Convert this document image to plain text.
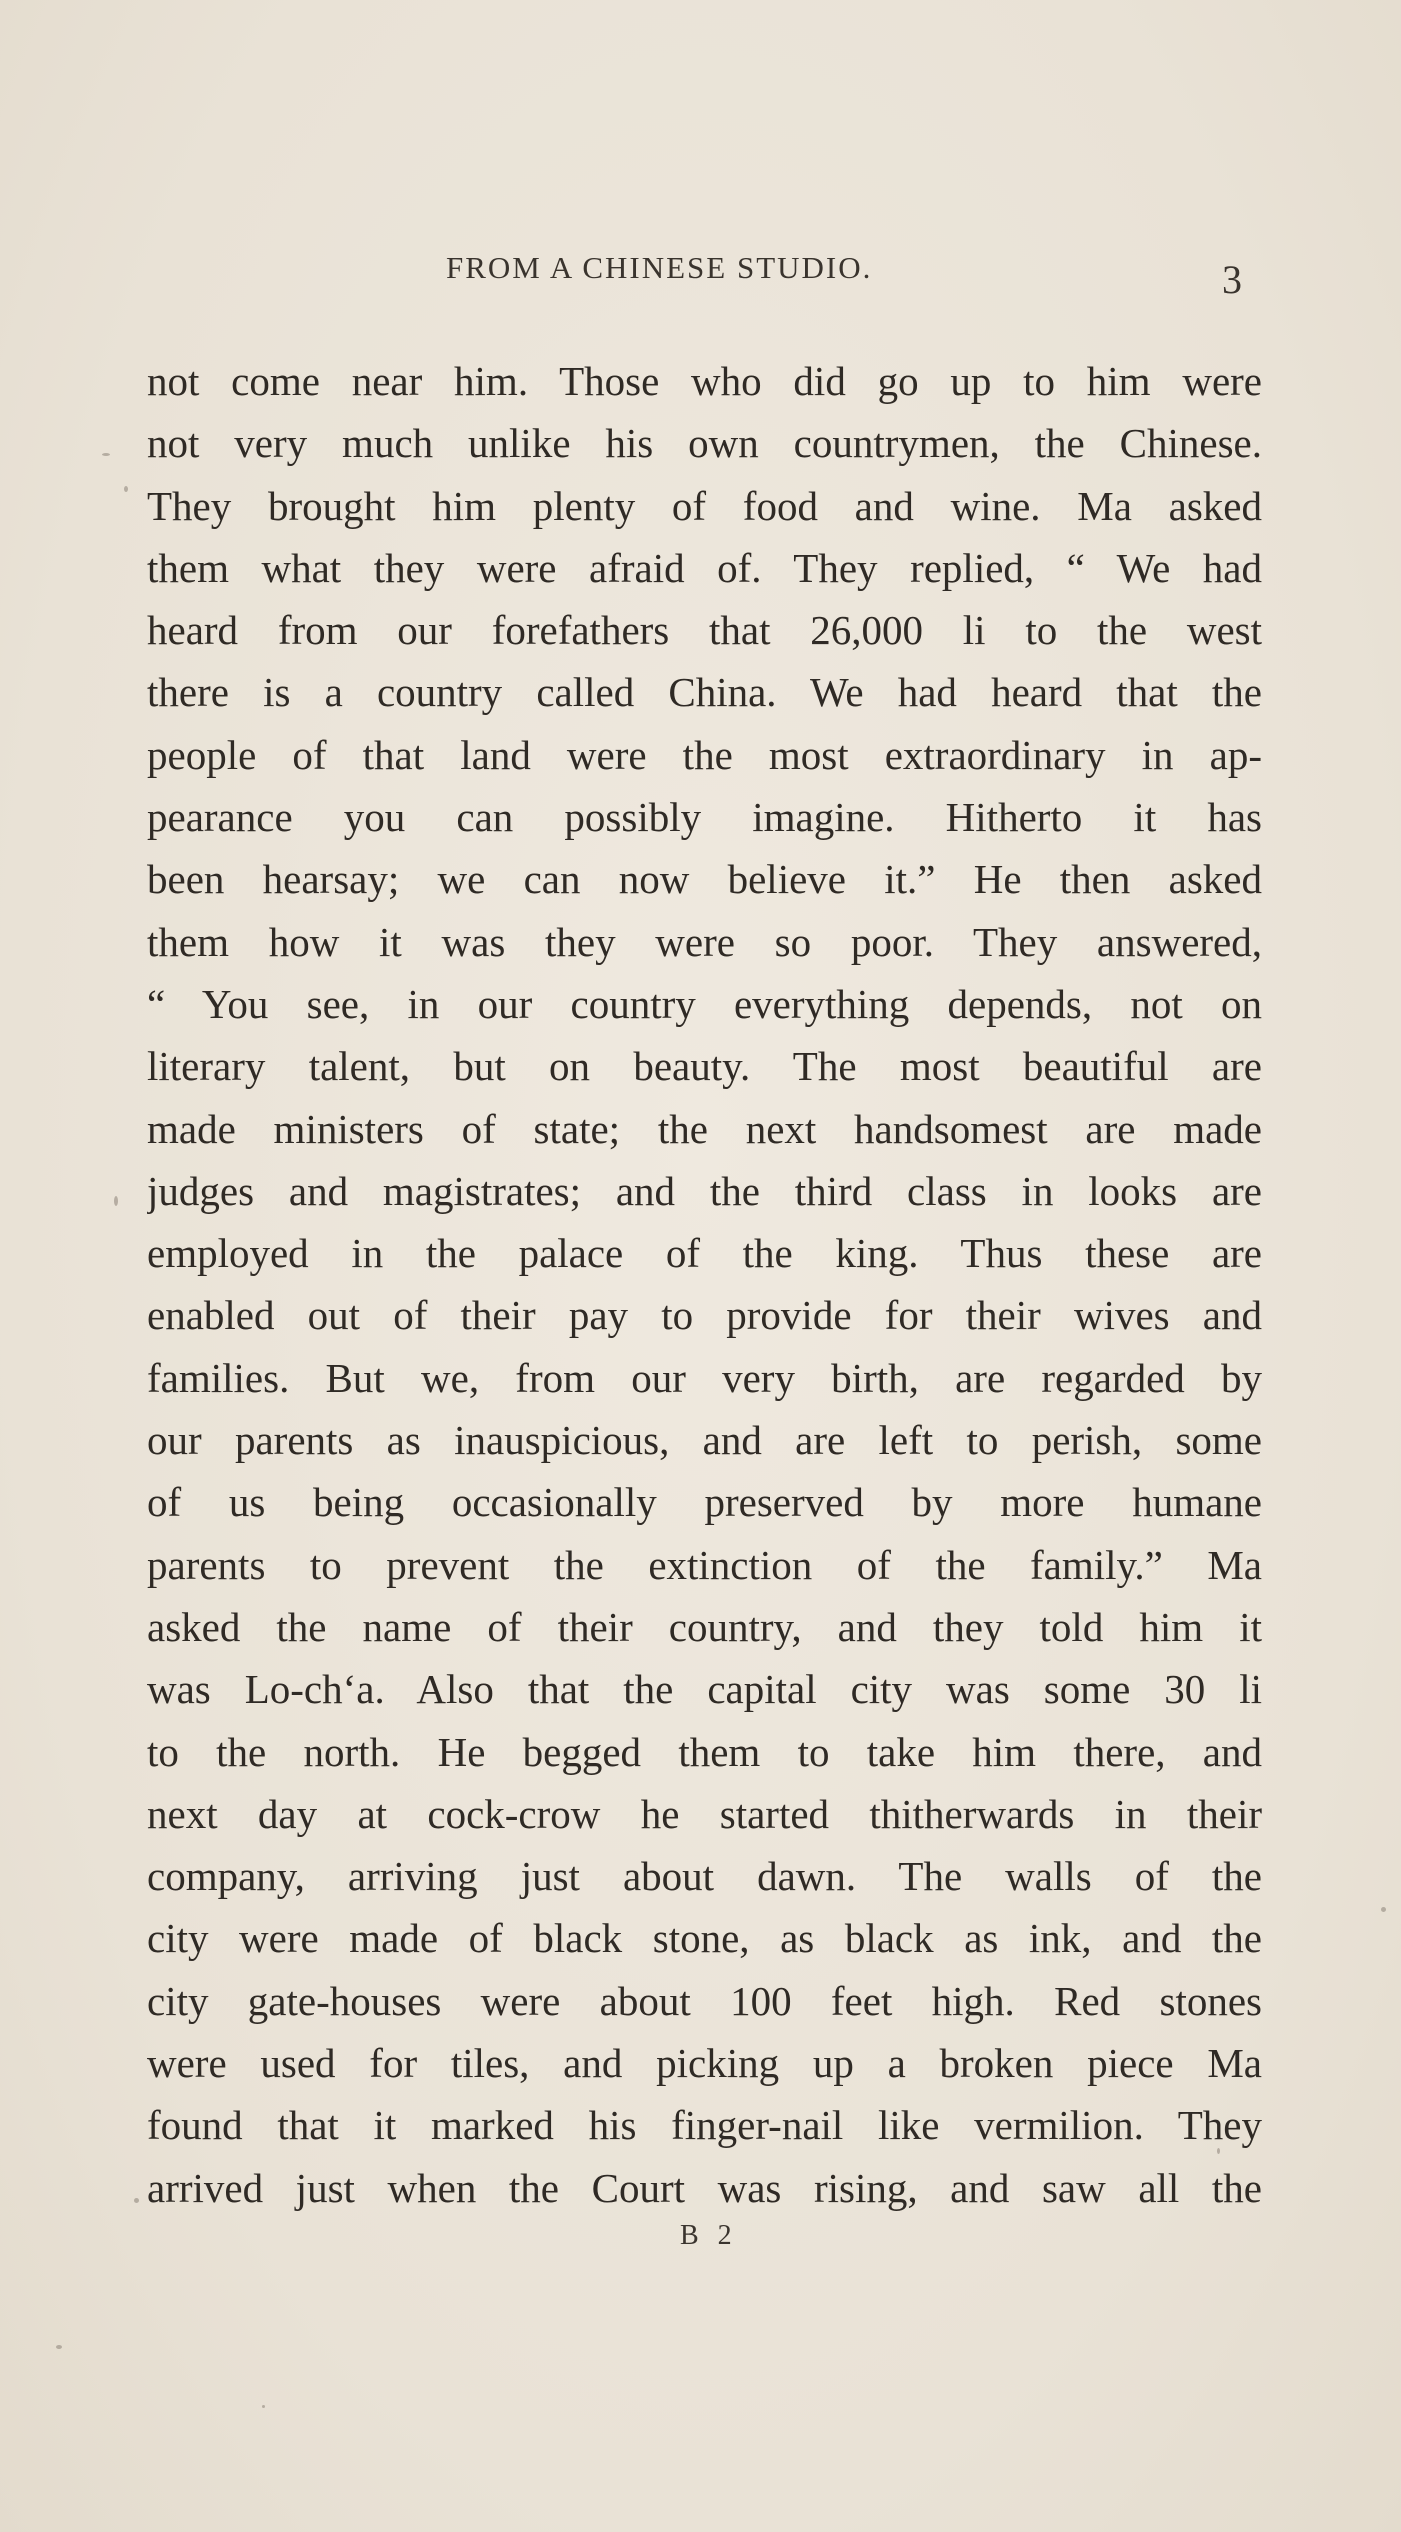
FROM A CHINESE STUDIO.	3
not come near him. Those who did go up to him were
not very much unlike his own countrymen, the Chinese.
They brought him plenty of food and wine. Ma asked
them what they were afraid of. They replied, “ We had
heard from our forefathers that 26,000 li to the west
there is a country called China. We had heard that the
people of that land were the most extraordinary in ap-
pearance you can possibly imagine. Hitherto it has
been hearsay; we can now believe it.” He then asked
them how it was they were so poor. They answered,
“ You see, in our country everything depends, not on
literary talent, but on beauty. The most beautiful are
made ministers of state; the next handsomest are made
judges and magistrates; and the third class in looks are
employed in the palace of the king. Thus these are
enabled out of their pay to provide for their wives and
families. But we, from our very birth, are regarded by
our parents as inauspicious, and are left to perish, some
of us being occasionally preserved by more humane
parents to prevent the extinction of the family.” Ma
asked the name of their country, and they told him it
was Lo-ch‘a. Also that the capital city was some 30 li
to the north. He begged them to take him there, and
next day at cock-crow he started thitherwards in their
company, arriving just about dawn. The walls of the
city were made of black stone, as black as ink, and the
city gate-houses were about 100 feet high. Red stones
were used for tiles, and picking up a broken piece Ma
found that it marked his finger-nail like vermilion. They
arrived just when the Court was rising, and saw all the
B 2
